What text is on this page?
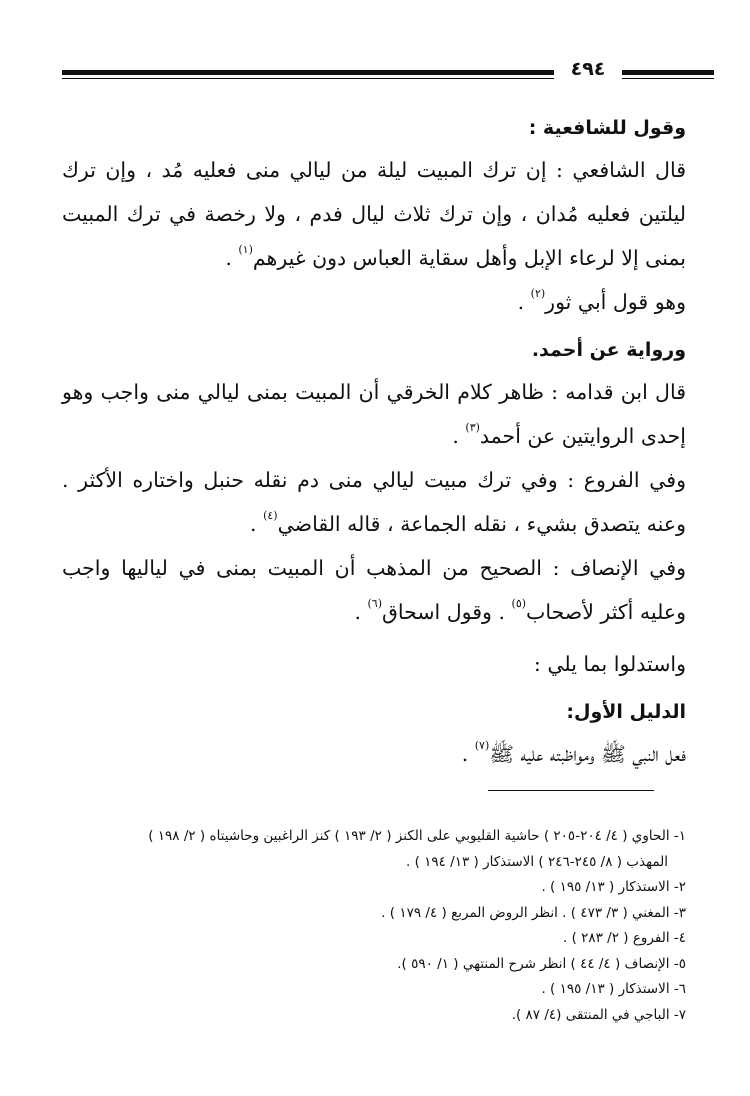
٤٩٤
وقول للشافعية :

قال الشافعي : إن ترك المبيت ليلة من ليالي منى فعليه مُد ، وإن ترك ليلتين فعليه مُدان ، وإن ترك ثلاث ليال فدم ، ولا رخصة في ترك المبيت بمنى إلا لرعاء الإبل وأهل سقاية العباس دون غيرهم$^{(١)}$ .

وهو قول أبي ثور$^{(٢)}$ .

ورواية عن أحمد.

قال ابن قدامه : ظاهر كلام الخرقي أن المبيت بمنى ليالي منى واجب وهو إحدى الروايتين عن أحمد$^{(٣)}$ .

وفي الفروع : وفي ترك مبيت ليالي منى دم نقله حنبل واختاره الأكثر . وعنه يتصدق بشيء ، نقله الجماعة ، قاله القاضي$^{(٤)}$ .

وفي الإنصاف : الصحيح من المذهب أن المبيت بمنى في لياليها واجب وعليه أكثر لأصحاب$^{(٥)}$ . وقول اسحاق$^{(٦)}$ .

واستدلوا بما يلي :

الدليل الأول:

فعل النبي ﷺ ومواظبته عليه ﷺ$^{(٧)}$ .

١- الحاوي ( ٤/ ٢٠٤-٢٠٥ ) حاشية القليوبي على الكنز ( ٢/ ١٩٣ ) كنز الراغبين وحاشيتاه ( ٢/ ١٩٨ )
المهذب ( ٨/ ٢٤٥-٢٤٦ ) الاستذكار ( ١٣/ ١٩٤ ) .
٢- الاستذكار ( ١٣/ ١٩٥ ) .
٣- المغني ( ٣/ ٤٧٣ ) . انظر الروض المربع ( ٤/ ١٧٩ ) .
٤- الفروع ( ٢/ ٢٨٣ ) .
٥- الإنصاف ( ٤/ ٤٤ ) انظر شرح المنتهي ( ١/ ٥٩٠ ).
٦- الاستذكار ( ١٣/ ١٩٥ ) .
٧- الباجي في المنتقى (٤/ ٨٧ ).
